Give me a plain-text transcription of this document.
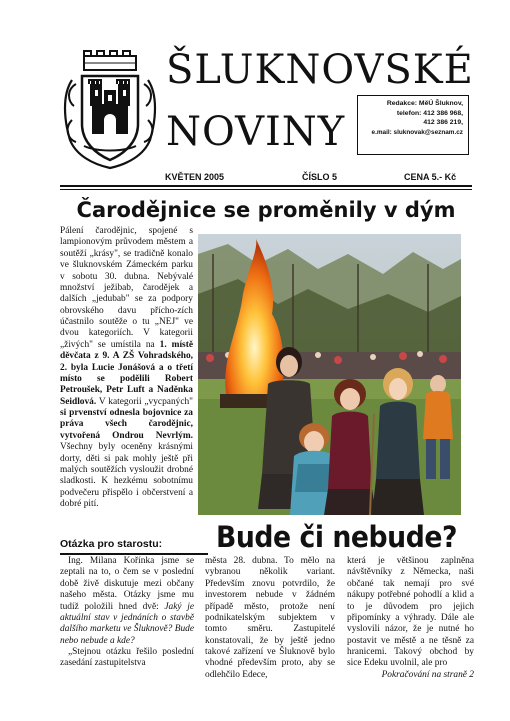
ŠLUKNOVSKÉ
NOVINY
Redakce: MěÚ Šluknov,
telefon: 412 386 968,
412 386 219,
e.mail: sluknovak@seznam.cz
KVĚTEN 2005	ČÍSLO 5	CENA 5.- Kč
Čarodějnice se proměnily v dým
Pálení čarodějnic, spojené s lampionovým průvodem městem a soutěží „krásy", se tradičně konalo ve šluknovském Zámeckém parku v sobotu 30. dubna. Nebývalé množství ježibab, čarodějek a dalších „jedubab" se za podpory obrovského davu přícho-zích účastnilo soutěže o tu „NEJ" ve dvou kategoriích. V kategorii „živých" se umístila na 1. místě děvčata z 9. A ZŠ Vohradského, 2. byla Lucie Jonášová a o třetí místo se podělili Robert Petroušek, Petr Luft a Naděnka Seidlová. V kategorii „vycpaných" si prvenství odnesla bojovnice za práva všech čarodějnic, vytvořená Ondrou Nevrlým. Všechny byly oceněny krásnými dorty, děti si pak mohly ještě při malých soutěžích vysloužit drobné sladkosti. K hezkému sobotnímu podvečeru přispělo i občerstvení a dobré pití.
Otázka pro starostu: Bude či nebude?

Ing. Milana Kořínka jsme se zeptali na to, o čem se v poslední době živě diskutuje mezi občany našeho města. Otázky jsme mu tudíž položili hned dvě: Jaký je aktuální stav v jednáních o stavbě dalšího marketu ve Šluknově? Bude nebo nebude a kde?

„Stejnou otázku řešilo poslední zasedání zastupitelstva

města 28. dubna. To mělo na vybranou několik variant. Především znovu potvrdilo, že investorem nebude v žádném případě město, protože není podnikatelským subjektem v tomto směru. Zastupitelé konstatovali, že by ještě jedno takové zařízení ve Šluknově bylo vhodné především proto, aby se odlehčilo Edece,
která je většinou zaplněna návštěvníky z Německa, naši občané tak nemají pro své nákupy potřebné pohodlí a klid a to je důvodem pro jejich připomínky a výhrady. Dále ale vyslovili názor, že je nutné ho postavit ve městě a ne těsně za hranicemi. Takový obchod by sice Edeku uvolnil, ale pro
Pokračování na straně 2
